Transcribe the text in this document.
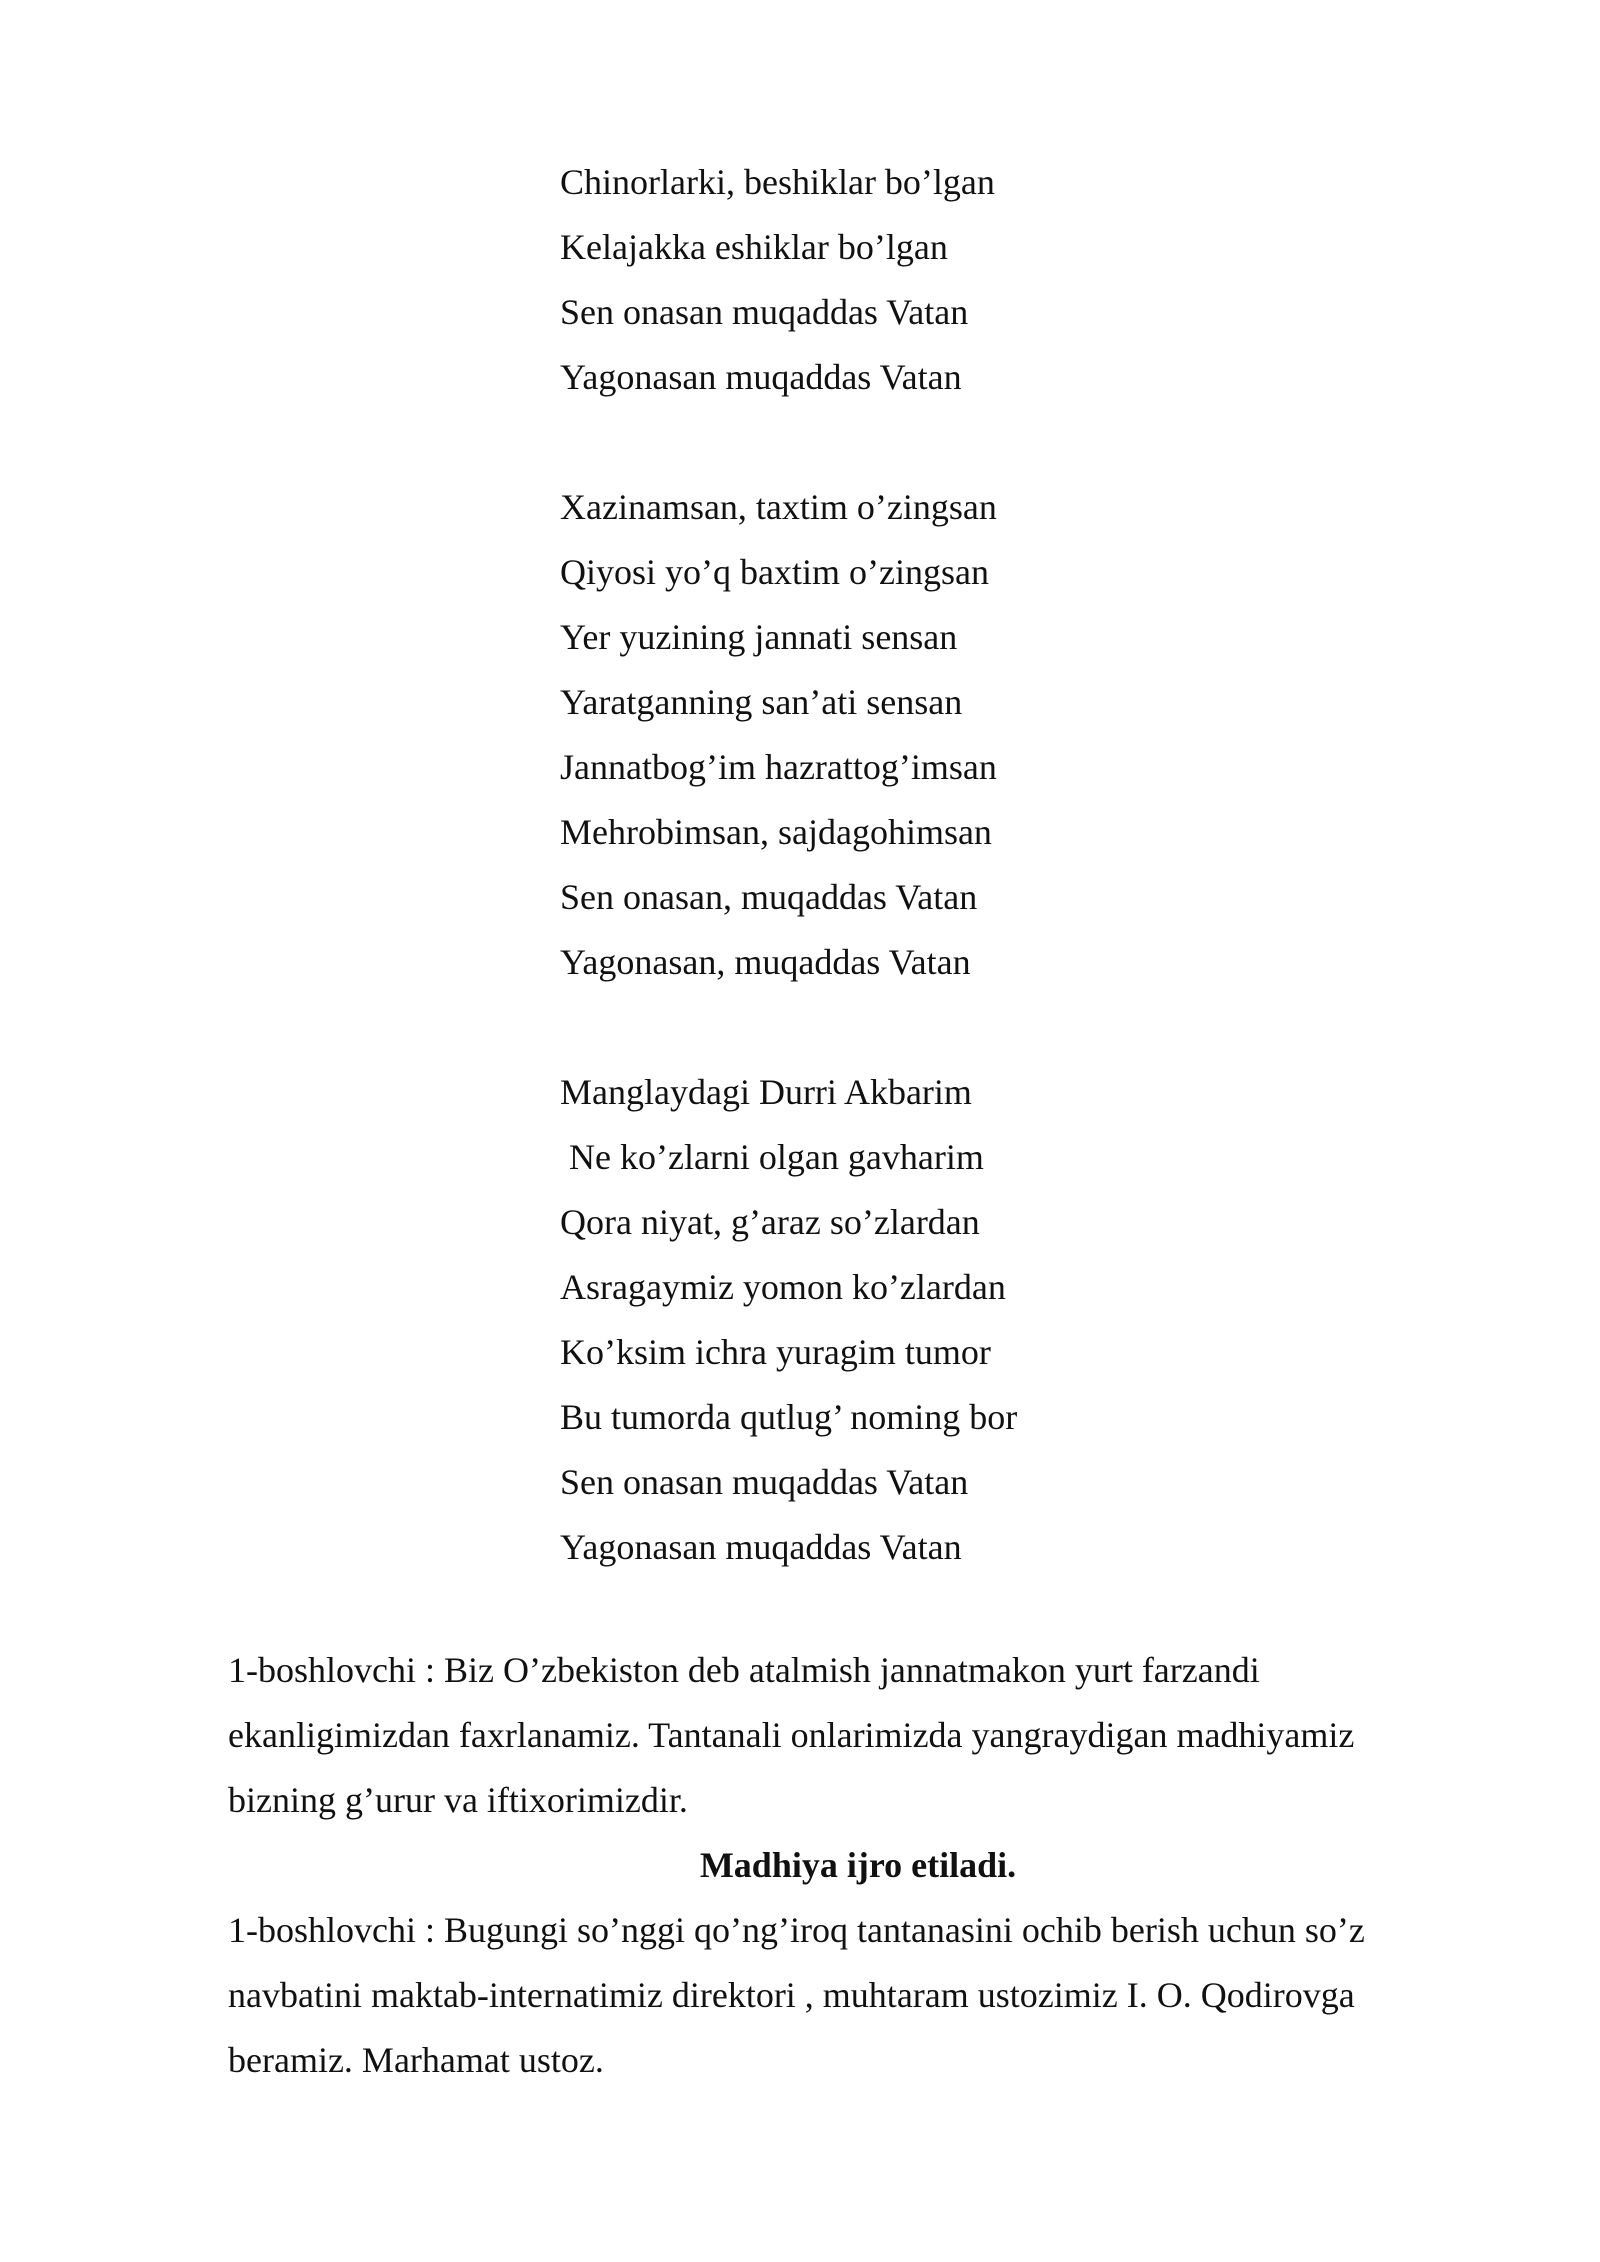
Chinorlarki, beshiklar bo’lgan
Kelajakka eshiklar bo’lgan
Sen onasan muqaddas Vatan
Yagonasan muqaddas Vatan
Xazinamsan, taxtim o’zingsan
Qiyosi yo’q baxtim o’zingsan
Yer yuzining jannati sensan
Yaratganning san’ati sensan
Jannatbog’im hazrattog’imsan
Mehrobimsan, sajdagohimsan
Sen onasan, muqaddas Vatan
Yagonasan, muqaddas Vatan
Manglaydagi Durri Akbarim
Ne ko’zlarni olgan gavharim
Qora niyat, g’araz so’zlardan
Asragaymiz yomon ko’zlardan
Ko’ksim ichra yuragim tumor
Bu tumorda qutlug’ noming bor
Sen onasan muqaddas Vatan
Yagonasan muqaddas Vatan

1-boshlovchi : Biz O’zbekiston deb atalmish jannatmakon yurt farzandi ekanligimizdan faxrlanamiz. Tantanali onlarimizda yangraydigan madhiyamiz bizning g’urur va iftixorimizdir.

Madhiya ijro etiladi.

1-boshlovchi : Bugungi so’nggi qo’ng’iroq tantanasini ochib berish uchun so’z navbatini maktab-internatimiz direktori , muhtaram ustozimiz I. O. Qodirovga beramiz. Marhamat ustoz.
